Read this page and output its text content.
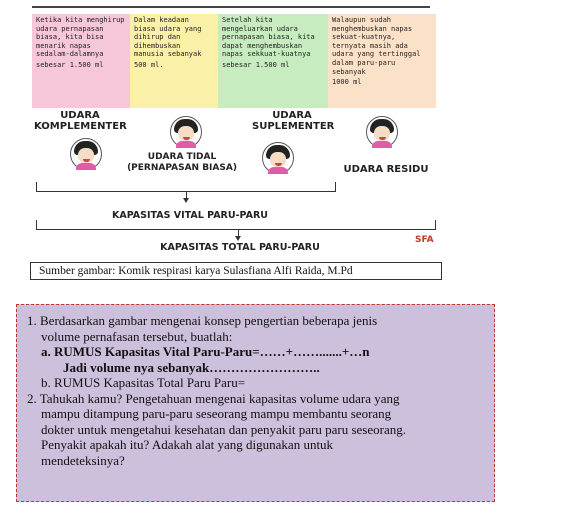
Ketika kita menghirup udara pernapasan biasa, kita bisa menarik napas sedalam-dalamnya

sebesar 1.500 ml

Dalam keadaan biasa udara yang dihirup dan dihembuskan manusia sebanyak

500 ml.

Setelah kita mengeluarkan udara pernapasan biasa, kita dapat menghembuskan napas sekkuat-kuatnya

sebesar 1.500 ml

Walaupun sudah menghembuskan napas sekuat-kuatnya, ternyata masih ada udara yang tertinggal dalam paru-paru sebanyak

1000 ml

UDARA KOMPLEMENTER
UDARA SUPLEMENTER
UDARA TIDAL (PERNAPASAN BIASA)	UDARA RESIDU
KAPASITAS VITAL PARU-PARU
KAPASITAS TOTAL PARU-PARU
SFA
Sumber gambar: Komik respirasi karya Sulasfiana Alfi Raida, M.Pd

1. Berdasarkan gambar mengenai konsep pengertian beberapa jenis

volume pernafasan tersebut, buatlah:

a. RUMUS Kapasitas Vital Paru-Paru=……+…….......+…n

Jadi volume nya sebanyak……………………..

b. RUMUS Kapasitas Total Paru Paru=

2. Tahukah kamu? Pengetahuan mengenai kapasitas volume udara yang

mampu ditampung paru-paru seseorang mampu membantu seorang

dokter untuk mengetahui kesehatan dan penyakit paru paru seseorang.

Penyakit apakah itu? Adakah alat yang digunakan untuk

mendeteksinya?
